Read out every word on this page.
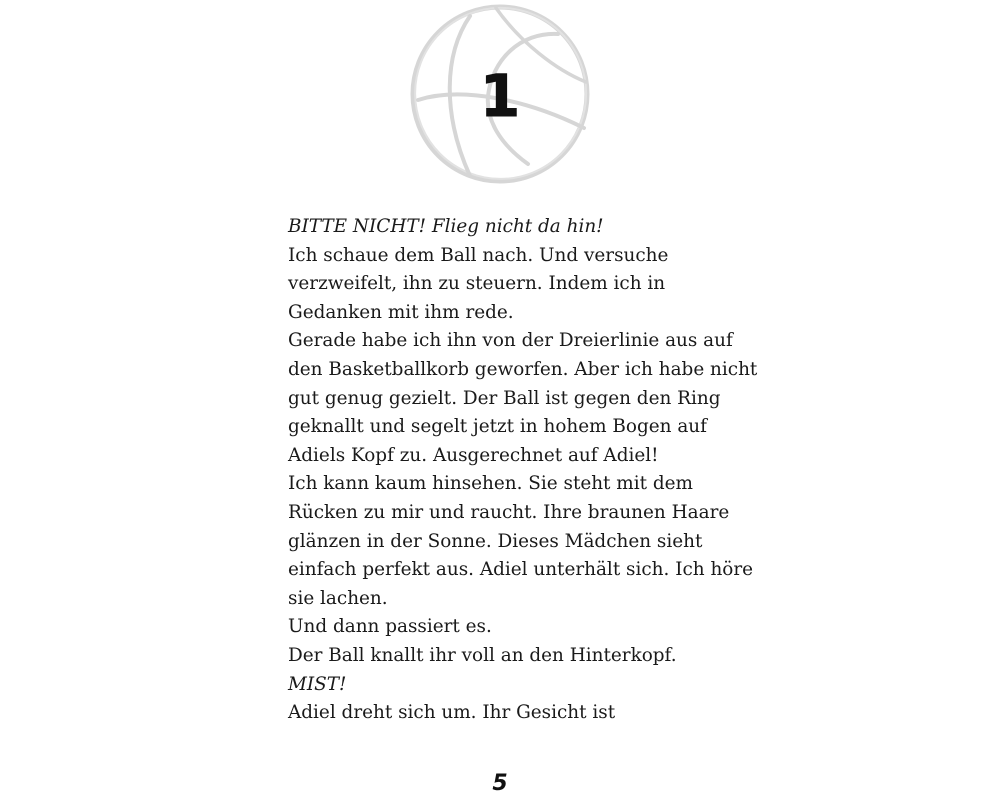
1
BITTE NICHT! Flieg nicht da hin!
Ich schaue dem Ball nach. Und versuche
verzweifelt, ihn zu steuern. Indem ich in
Gedanken mit ihm rede.
Gerade habe ich ihn von der Dreierlinie aus auf
den Basketballkorb geworfen. Aber ich habe nicht
gut genug gezielt. Der Ball ist gegen den Ring
geknallt und segelt jetzt in hohem Bogen auf
Adiels Kopf zu. Ausgerechnet auf Adiel!
Ich kann kaum hinsehen. Sie steht mit dem
Rücken zu mir und raucht. Ihre braunen Haare
glänzen in der Sonne. Dieses Mädchen sieht
einfach perfekt aus. Adiel unterhält sich. Ich höre
sie lachen.
Und dann passiert es.
Der Ball knallt ihr voll an den Hinterkopf.
MIST!
Adiel dreht sich um. Ihr Gesicht ist
5
